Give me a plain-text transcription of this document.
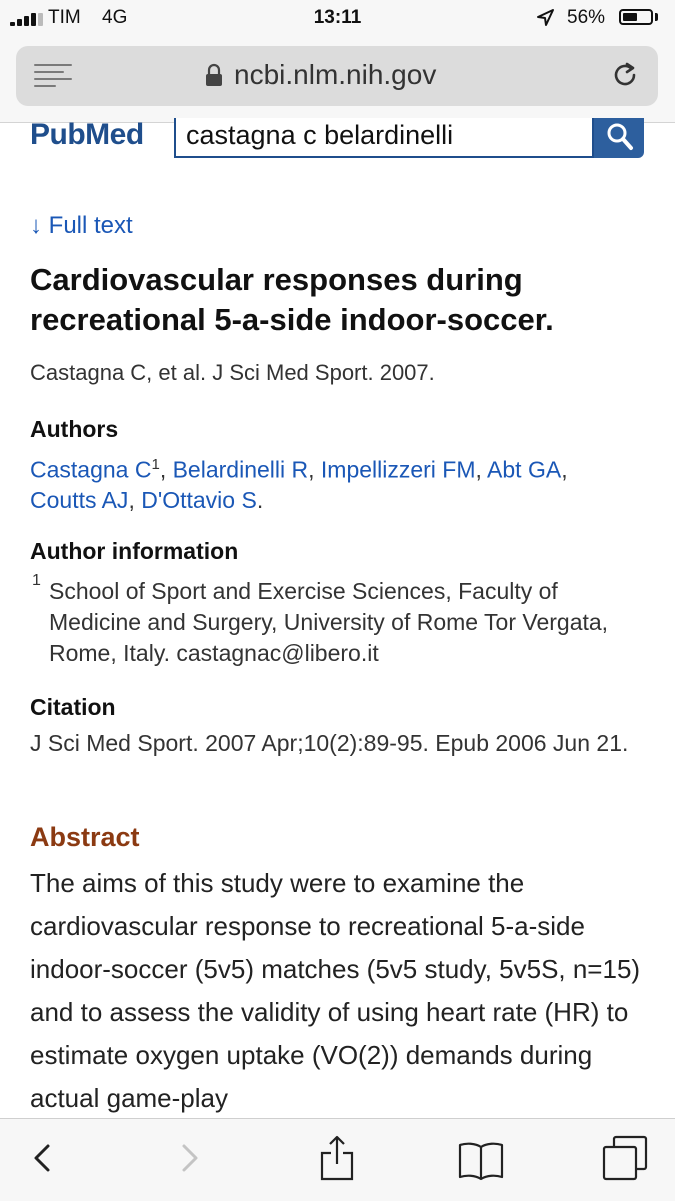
TIM 4G	13:11	56%
ncbi.nlm.nih.gov
PubMed
castagna c belardinelli
↓ Full text
Cardiovascular responses during recreational 5-a-side indoor-soccer.
Castagna C, et al. J Sci Med Sport. 2007.
Authors
Castagna $C^1$, Belardinelli R, Impellizzeri FM, Abt GA,
Coutts AJ, D'Ottavio S.
Author information
1 School of Sport and Exercise Sciences, Faculty of Medicine and Surgery, University of Rome Tor Vergata, Rome, Italy. castagnac@libero.it
Citation
J Sci Med Sport. 2007 Apr;10(2):89-95. Epub 2006 Jun 21.
Abstract
The aims of this study were to examine the cardiovascular response to recreational 5-a-side indoor-soccer (5v5) matches (5v5 study, 5v5S, n=15) and to assess the validity of using heart rate (HR) to estimate oxygen uptake (VO(2)) demands during actual game-play
